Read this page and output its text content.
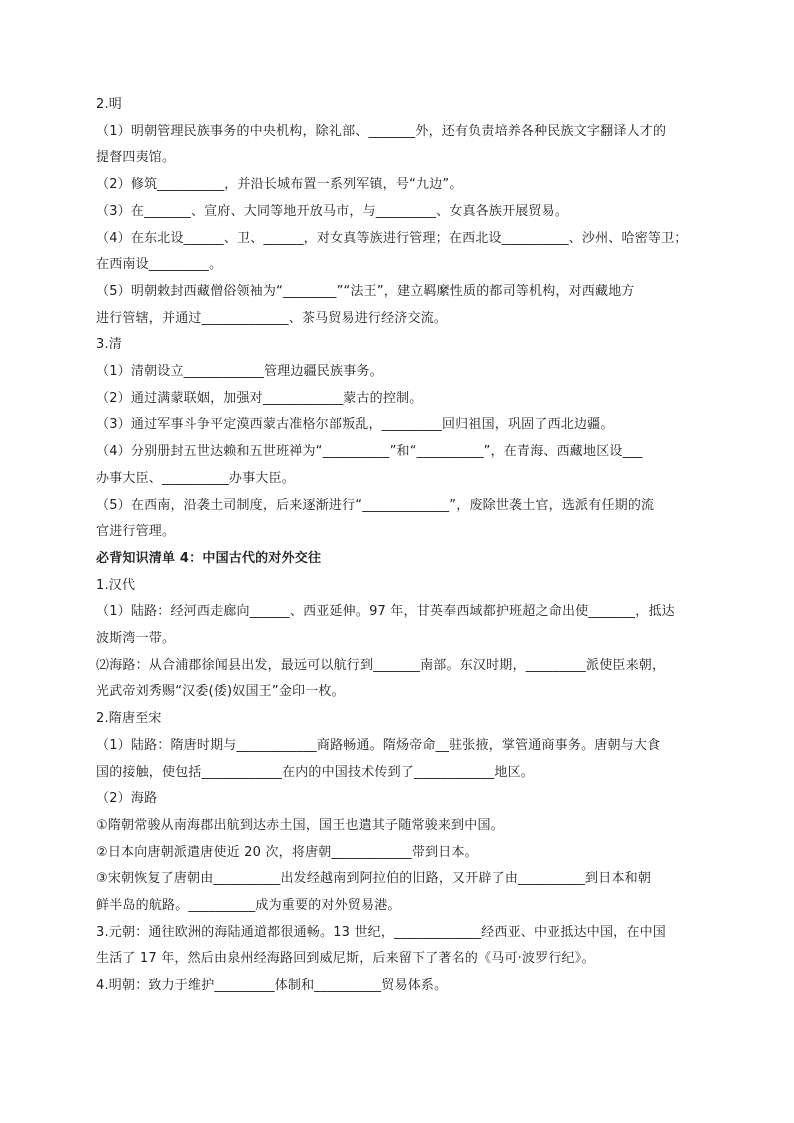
2.明
（1）明朝管理民族事务的中央机构，除礼部、_______外，还有负责培养各种民族文字翻译人才的
提督四夷馆。
（2）修筑__________，并沿长城布置一系列军镇，号“九边”。
（3）在_______、宣府、大同等地开放马市，与_________、女真各族开展贸易。
（4）在东北设______、卫、______，对女真等族进行管理；在西北设__________、沙州、哈密等卫；
在西南设_________。
（5）明朝敕封西藏僧俗领袖为“________”“法王”，建立羁縻性质的都司等机构，对西藏地方
进行管辖，并通过_____________、茶马贸易进行经济交流。
3.清
（1）清朝设立____________管理边疆民族事务。
（2）通过满蒙联姻，加强对____________蒙古的控制。
（3）通过军事斗争平定漠西蒙古准格尔部叛乱，_________回归祖国，巩固了西北边疆。
（4）分别册封五世达赖和五世班禅为“__________”和“__________”，在青海、西藏地区设___
办事大臣、__________办事大臣。
（5）在西南，沿袭土司制度，后来逐渐进行“_____________”，废除世袭土官，选派有任期的流
官进行管理。
必背知识清单 4：中国古代的对外交往
1.汉代
（1）陆路：经河西走廊向______、西亚延伸。97 年，甘英奉西域都护班超之命出使_______，抵达
波斯湾一带。
⑵海路：从合浦郡徐闻县出发，最远可以航行到_______南部。东汉时期，_________派使臣来朝，
光武帝刘秀赐“汉委(倭)奴国王”金印一枚。
2.隋唐至宋
（1）陆路：隋唐时期与____________商路畅通。隋炀帝命__驻张掖，掌管通商事务。唐朝与大食
国的接触，使包括____________在内的中国技术传到了____________地区。
（2）海路
①隋朝常骏从南海郡出航到达赤土国，国王也遣其子随常骏来到中国。
②日本向唐朝派遣唐使近 20 次，将唐朝____________带到日本。
③宋朝恢复了唐朝由__________出发经越南到阿拉伯的旧路，又开辟了由__________到日本和朝
鲜半岛的航路。__________成为重要的对外贸易港。
3.元朝：通往欧洲的海陆通道都很通畅。13 世纪，_____________经西亚、中亚抵达中国，在中国
生活了 17 年，然后由泉州经海路回到威尼斯，后来留下了著名的《马可·波罗行纪》。
4.明朝：致力于维护_________体制和__________贸易体系。
